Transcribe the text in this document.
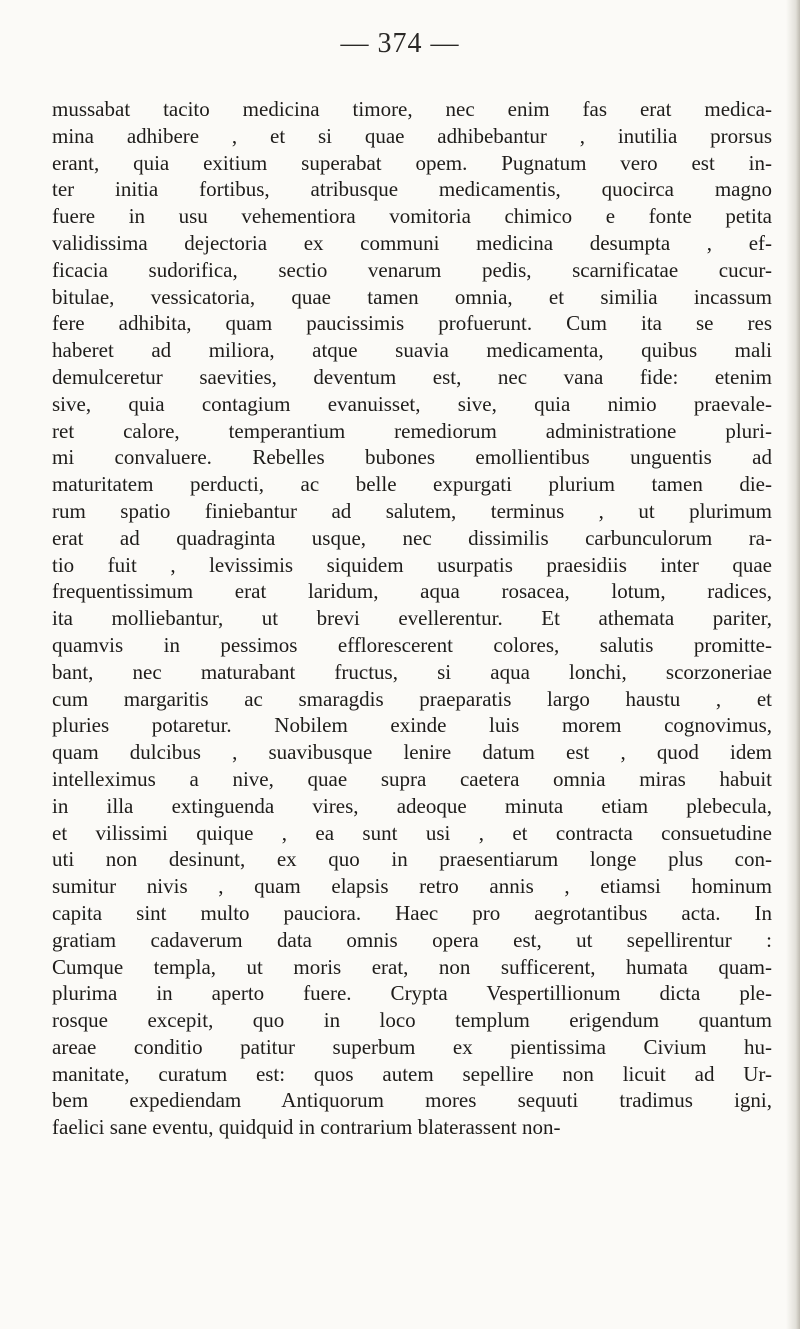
— 374 —
mussabat tacito medicina timore, nec enim fas erat medica-
mina adhibere , et si quae adhibebantur , inutilia prorsus
erant, quia exitium superabat opem. Pugnatum vero est in-
ter initia fortibus, atribusque medicamentis, quocirca magno
fuere in usu vehementiora vomitoria chimico e fonte petita
validissima dejectoria ex communi medicina desumpta , ef-
ficacia sudorifica, sectio venarum pedis, scarnificatae cucur-
bitulae, vessicatoria, quae tamen omnia, et similia incassum
fere adhibita, quam paucissimis profuerunt. Cum ita se res
haberet ad miliora, atque suavia medicamenta, quibus mali
demulceretur saevities, deventum est, nec vana fide: etenim
sive, quia contagium evanuisset, sive, quia nimio praevale-
ret calore, temperantium remediorum administratione pluri-
mi convaluere. Rebelles bubones emollientibus unguentis ad
maturitatem perducti, ac belle expurgati plurium tamen die-
rum spatio finiebantur ad salutem, terminus , ut plurimum
erat ad quadraginta usque, nec dissimilis carbunculorum ra-
tio fuit , levissimis siquidem usurpatis praesidiis inter quae
frequentissimum erat laridum, aqua rosacea, lotum, radices,
ita molliebantur, ut brevi evellerentur. Et athemata pariter,
quamvis in pessimos efflorescerent colores, salutis promitte-
bant, nec maturabant fructus, si aqua lonchi, scorzoneriae
cum margaritis ac smaragdis praeparatis largo haustu , et
pluries potaretur. Nobilem exinde luis morem cognovimus,
quam dulcibus , suavibusque lenire datum est , quod idem
intelleximus a nive, quae supra caetera omnia miras habuit
in illa extinguenda vires, adeoque minuta etiam plebecula,
et vilissimi quique , ea sunt usi , et contracta consuetudine
uti non desinunt, ex quo in praesentiarum longe plus con-
sumitur nivis , quam elapsis retro annis , etiamsi hominum
capita sint multo pauciora. Haec pro aegrotantibus acta. In
gratiam cadaverum data omnis opera est, ut sepellirentur :
Cumque templa, ut moris erat, non sufficerent, humata quam-
plurima in aperto fuere. Crypta Vespertillionum dicta ple-
rosque excepit, quo in loco templum erigendum quantum
areae conditio patitur superbum ex pientissima Civium hu-
manitate, curatum est: quos autem sepellire non licuit ad Ur-
bem expediendam Antiquorum mores sequuti tradimus igni,
faelici sane eventu, quidquid in contrarium blaterassent non-
